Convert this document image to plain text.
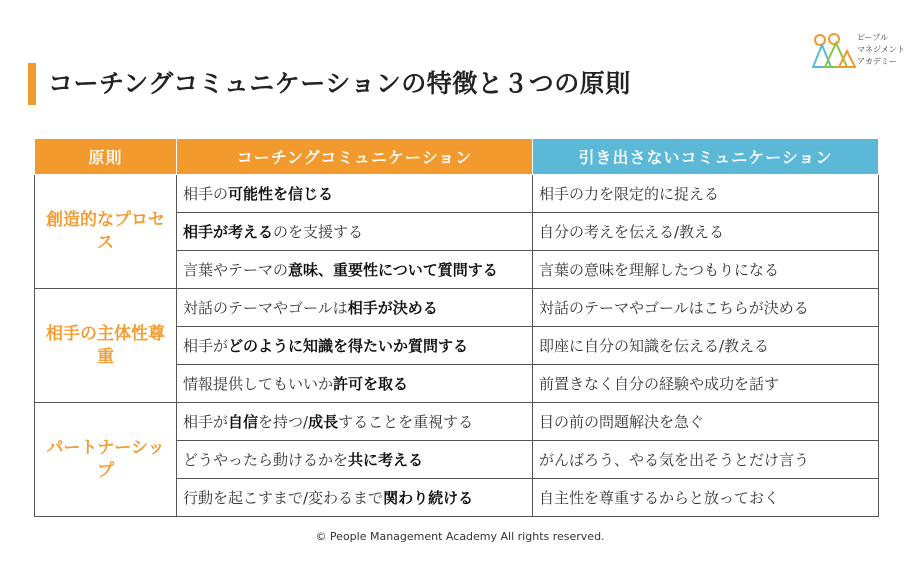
コーチングコミュニケーションの特徴と３つの原則
ピープル
マネジメント
アカデミー
原則	コーチングコミュニケーション	引き出さないコミュニケーション
創造的なプロセス	相手の可能性を信じる	相手の力を限定的に捉える
	相手が考えるのを支援する	自分の考えを伝える/教える
	言葉やテーマの意味、重要性について質問する	言葉の意味を理解したつもりになる
相手の主体性尊重	対話のテーマやゴールは相手が決める	対話のテーマやゴールはこちらが決める
	相手がどのように知識を得たいか質問する	即座に自分の知識を伝える/教える
	情報提供してもいいか許可を取る	前置きなく自分の経験や成功を話す
パートナーシップ	相手が自信を持つ/成長することを重視する	目の前の問題解決を急ぐ
	どうやったら動けるかを共に考える	がんばろう、やる気を出そうとだけ言う
	行動を起こすまで/変わるまで関わり続ける	自主性を尊重するからと放っておく
© People Management Academy All rights reserved.
